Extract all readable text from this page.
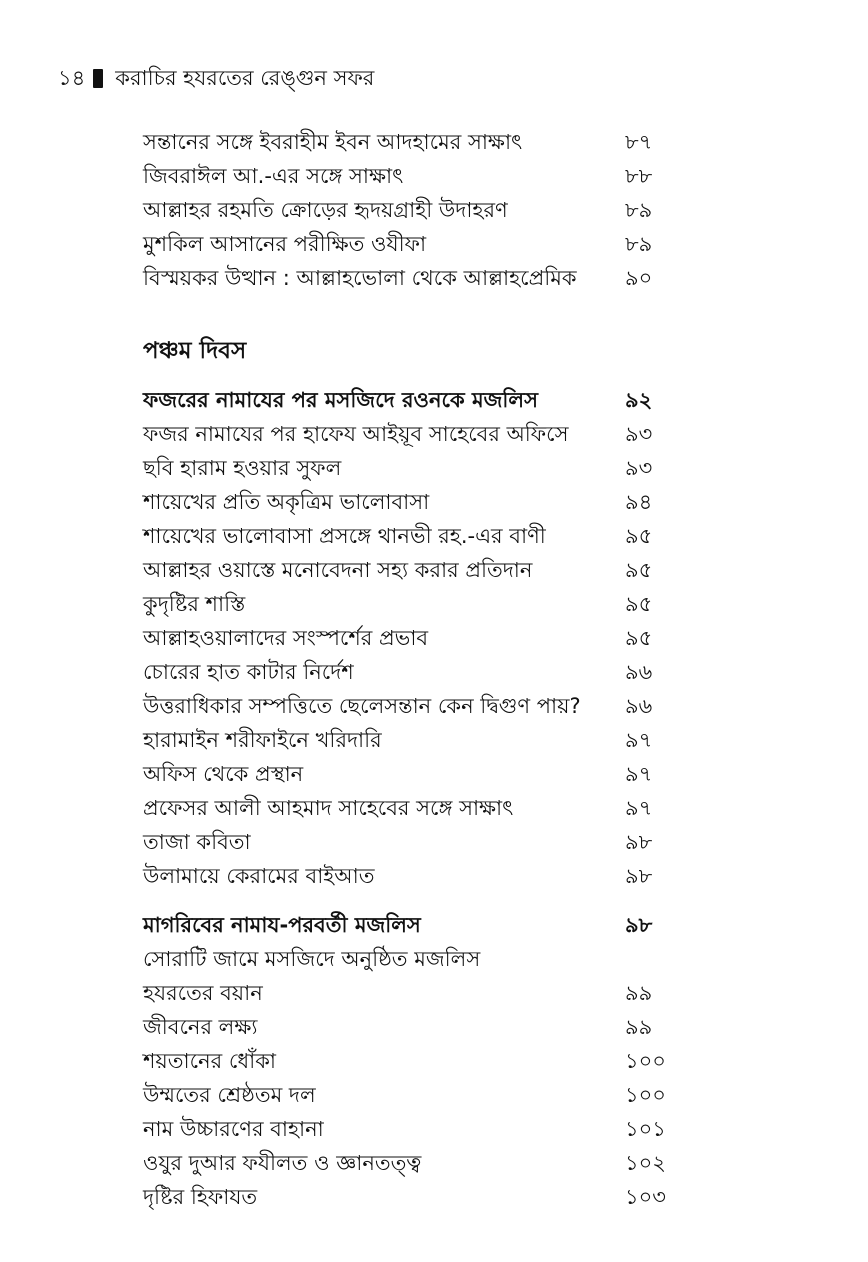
১৪ করাচির হযরতের রেঙ্গুন সফর
সন্তানের সঙ্গে ইবরাহীম ইবন আদহামের সাক্ষাৎ	৮৭
জিবরাঈল আ.-এর সঙ্গে সাক্ষাৎ	৮৮
আল্লাহর রহমতি ক্রোড়ের হৃদয়গ্রাহী উদাহরণ	৮৯
মুশকিল আসানের পরীক্ষিত ওযীফা	৮৯
বিস্ময়কর উত্থান : আল্লাহভোলা থেকে আল্লাহপ্রেমিক ৯০
পঞ্চম দিবস
ফজরের নামাযের পর মসজিদে রওনকে মজলিস	৯২
ফজর নামাযের পর হাফেয আইয়ূব সাহেবের অফিসে	৯৩
ছবি হারাম হওয়ার সুফল	৯৩
শায়েখের প্রতি অকৃত্রিম ভালোবাসা	৯৪
শায়েখের ভালোবাসা প্রসঙ্গে থানভী রহ.-এর বাণী	৯৫
আল্লাহর ওয়াস্তে মনোবেদনা সহ্য করার প্রতিদান	৯৫
কুদৃষ্টির শাস্তি	৯৫
আল্লাহওয়ালাদের সংস্পর্শের প্রভাব	৯৫
চোরের হাত কাটার নির্দেশ	৯৬
উত্তরাধিকার সম্পত্তিতে ছেলেসন্তান কেন দ্বিগুণ পায়? ৯৬
হারামাইন শরীফাইনে খরিদারি	৯৭
অফিস থেকে প্রস্থান	৯৭
প্রফেসর আলী আহমাদ সাহেবের সঙ্গে সাক্ষাৎ	৯৭
তাজা কবিতা	৯৮
উলামায়ে কেরামের বাইআত	৯৮
মাগরিবের নামায-পরবর্তী মজলিস	৯৮
সোরাটি জামে মসজিদে অনুষ্ঠিত মজলিস
হযরতের বয়ান	৯৯
জীবনের লক্ষ্য	৯৯
শয়তানের ধোঁকা	১০০
উম্মতের শ্রেষ্ঠতম দল	১০০
নাম উচ্চারণের বাহানা	১০১
ওযুর দুআর ফযীলত ও জ্ঞানতত্ত্ব	১০২
দৃষ্টির হিফাযত	১০৩
